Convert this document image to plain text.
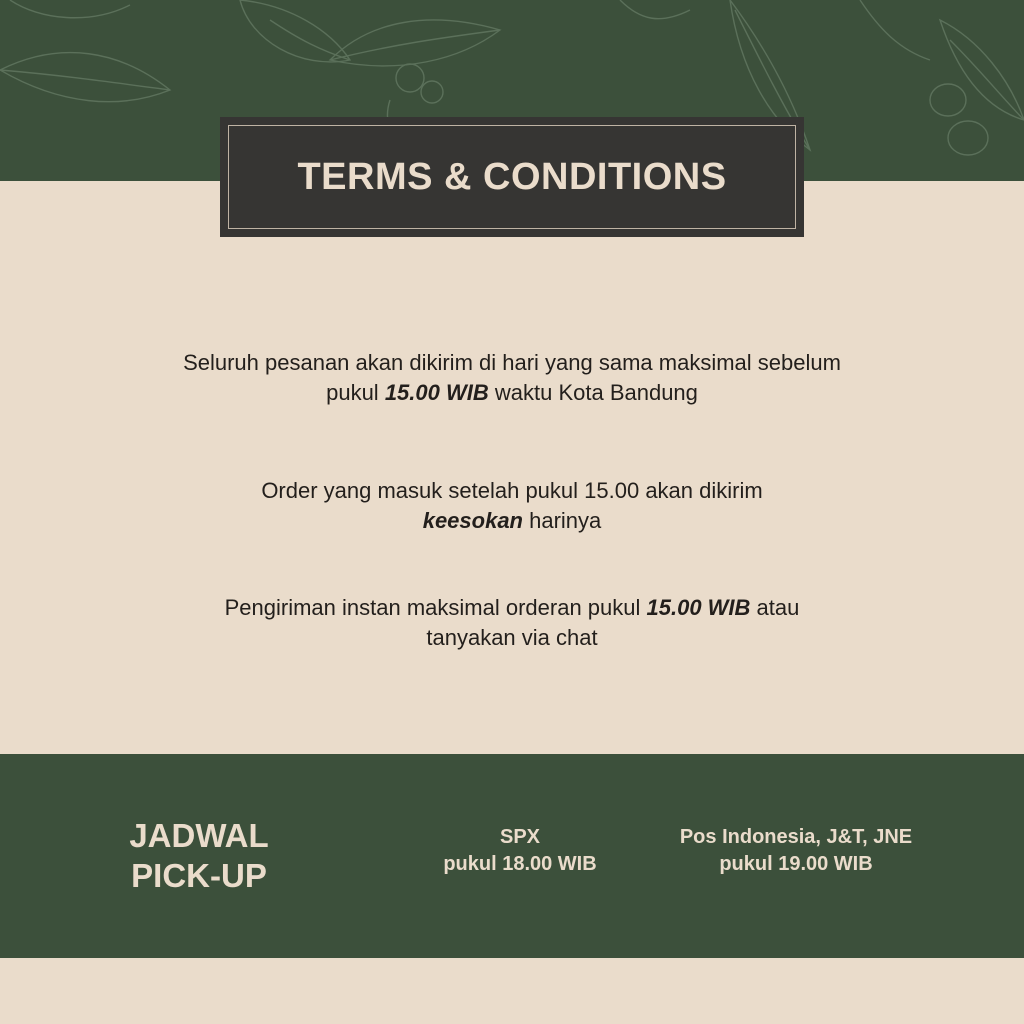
TERMS & CONDITIONS
Seluruh pesanan akan dikirim di hari yang sama maksimal sebelum
pukul 15.00 WIB waktu Kota Bandung
Order yang masuk setelah pukul 15.00 akan dikirim
keesokan harinya
Pengiriman instan maksimal orderan pukul 15.00 WIB atau
tanyakan via chat
JADWAL
PICK-UP
SPX
pukul 18.00 WIB
Pos Indonesia, J&T, JNE
pukul 19.00 WIB
